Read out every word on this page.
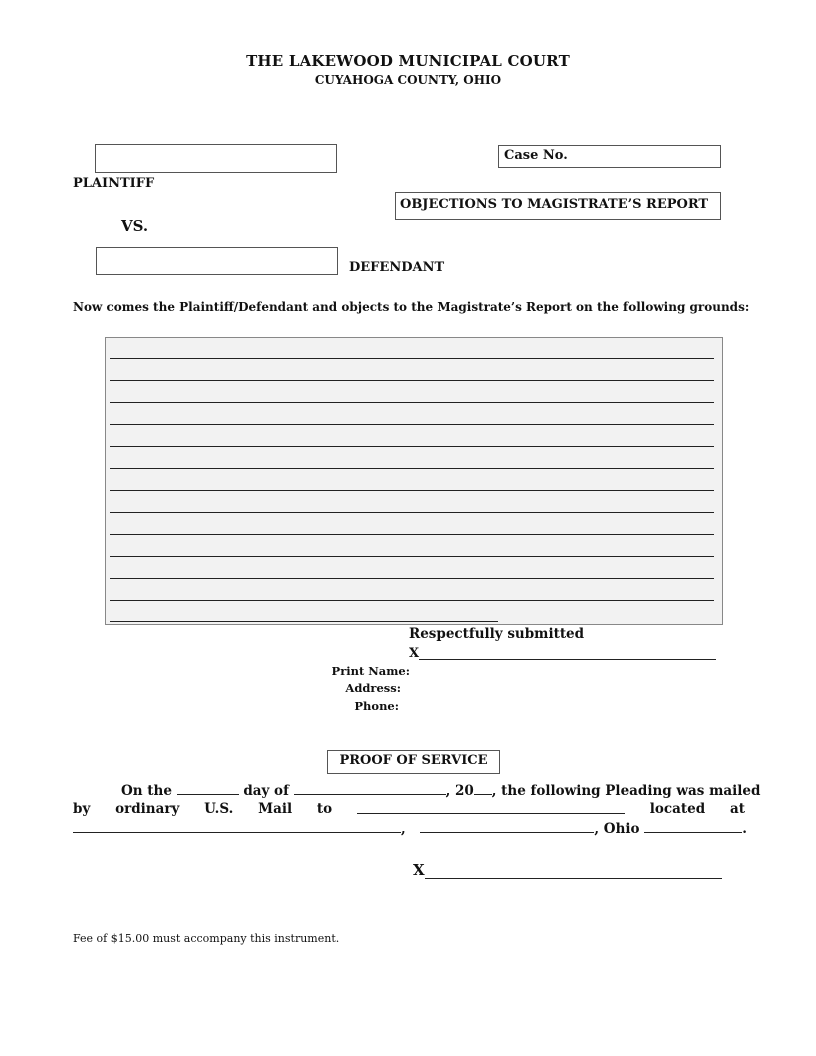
THE LAKEWOOD MUNICIPAL COURT
CUYAHOGA COUNTY, OHIO
PLAINTIFF
VS.
DEFENDANT
Case No.
OBJECTIONS TO MAGISTRATE’S REPORT
Now comes the Plaintiff/Defendant and objects to the Magistrate’s Report on the following grounds:
Respectfully submitted
X
Print Name:
Address:
Phone:
PROOF OF SERVICE
On the	day of	, 20 , the following Pleading was mailed
by ordinary U.S. Mail to	located at
,	, Ohio	.
X
Fee of $15.00 must accompany this instrument.
